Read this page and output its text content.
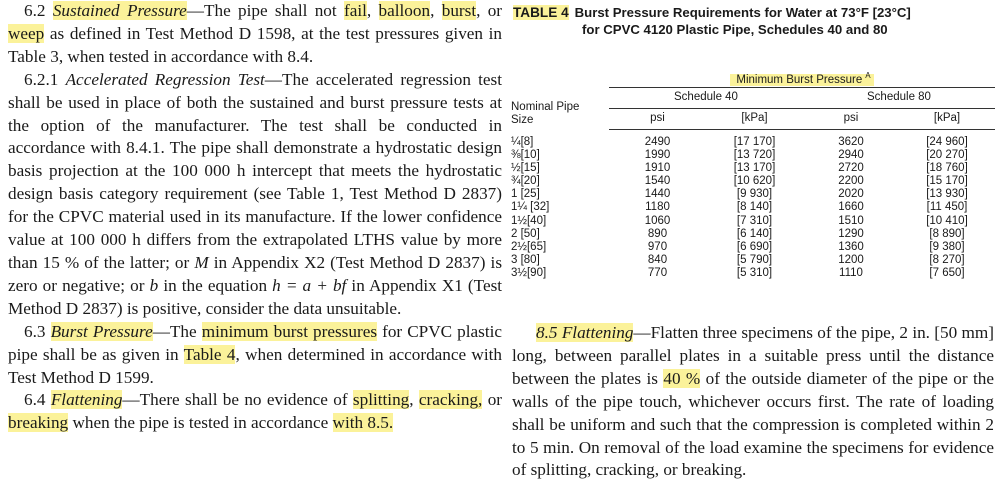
6.2 Sustained Pressure—The pipe shall not fail, balloon, burst, or weep as defined in Test Method D 1598, at the test pressures given in Table 3, when tested in accordance with 8.4.

6.2.1 Accelerated Regression Test—The accelerated regression test shall be used in place of both the sustained and burst pressure tests at the option of the manufacturer. The test shall be conducted in accordance with 8.4.1. The pipe shall demonstrate a hydrostatic design basis projection at the 100 000 h intercept that meets the hydrostatic design basis category requirement (see Table 1, Test Method D 2837) for the CPVC material used in its manufacture. If the lower confidence value at 100 000 h differs from the extrapolated LTHS value by more than 15 % of the latter; or M in Appendix X2 (Test Method D 2837) is zero or negative; or b in the equation h = a + bf in Appendix X1 (Test Method D 2837) is positive, consider the data unsuitable.

6.3 Burst Pressure—The minimum burst pressures for CPVC plastic pipe shall be as given in Table 4, when determined in accordance with Test Method D 1599.

6.4 Flattening—There shall be no evidence of splitting, cracking, or breaking when the pipe is tested in accordance with 8.5.

TABLE 4 Burst Pressure Requirements for Water at 73°F [23°C]
for CPVC 4120 Plastic Pipe, Schedules 40 and 80
Nominal Pipe
Size	Minimum Burst Pressure $^A$
	Schedule 40		Schedule 80	
	psi	[kPa]	psi	[kPa]
¼[8]	2490	[17 170]	3620	[24 960]
⅜[10]	1990	[13 720]	2940	[20 270]
½[15]	1910	[13 170]	2720	[18 760]
¾[20]	1540	[10 620]	2200	[15 170]
1 [25]	1440	[9 930]	2020	[13 930]
1¼ [32]	1180	[8 140]	1660	[11 450]
1½[40]	1060	[7 310]	1510	[10 410]
2 [50]	890	[6 140]	1290	[8 890]
2½[65]	970	[6 690]	1360	[9 380]
3 [80]	840	[5 790]	1200	[8 270]
3½[90]	770	[5 310]	1110	[7 650]

8.5 Flattening—Flatten three specimens of the pipe, 2 in. [50 mm] long, between parallel plates in a suitable press until the distance between the plates is 40 % of the outside diameter of the pipe or the walls of the pipe touch, whichever occurs first. The rate of loading shall be uniform and such that the compression is completed within 2 to 5 min. On removal of the load examine the specimens for evidence of splitting, cracking, or breaking.
